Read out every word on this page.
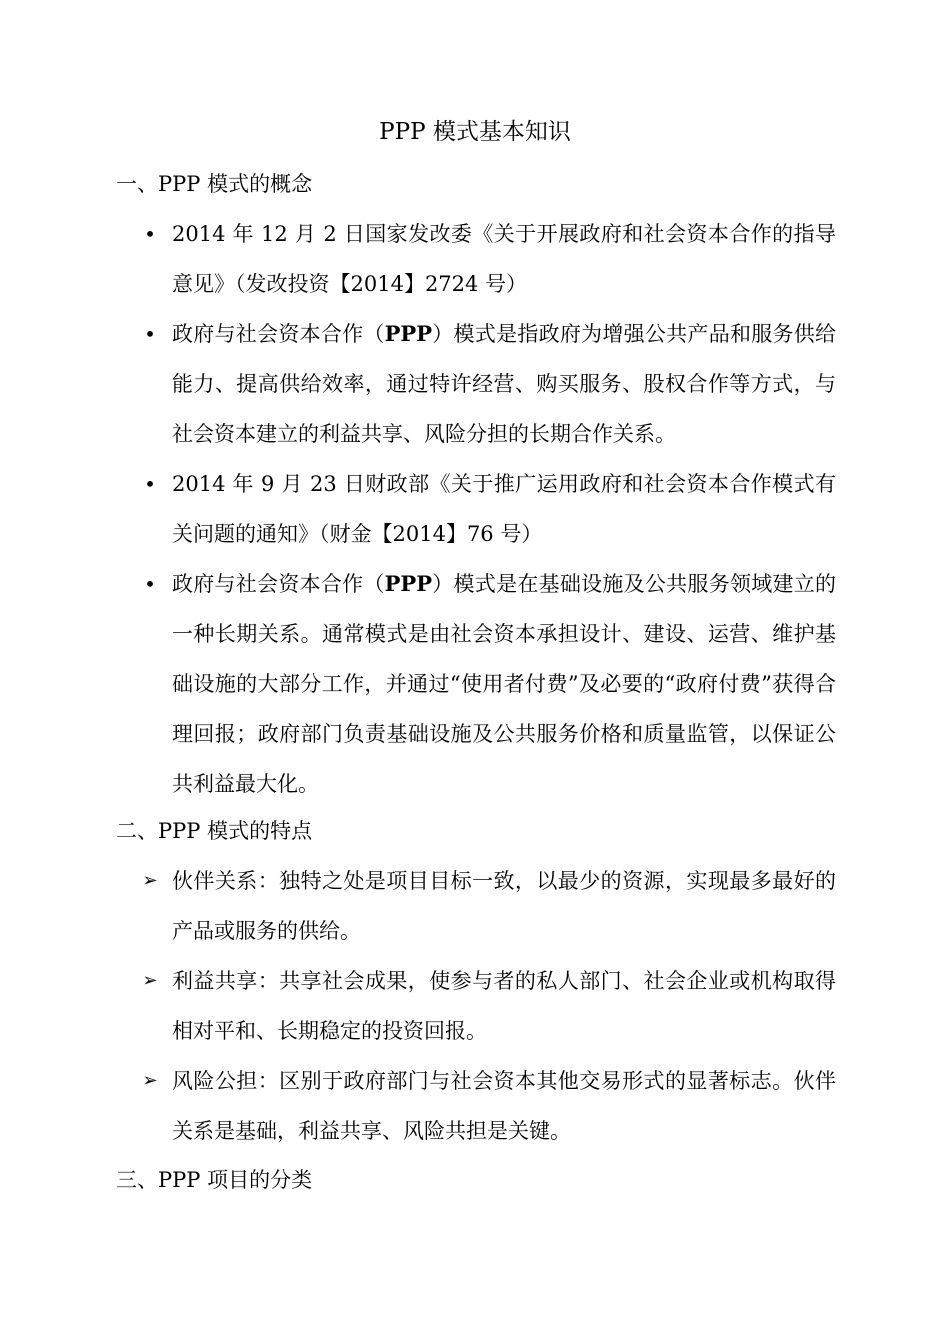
PPP 模式基本知识
一、PPP 模式的概念
• 2014 年 12 月 2 日国家发改委《关于开展政府和社会资本合作的指导意见》（发改投资【2014】2724 号）
• 政府与社会资本合作（PPP）模式是指政府为增强公共产品和服务供给能力、提高供给效率，通过特许经营、购买服务、股权合作等方式，与社会资本建立的利益共享、风险分担的长期合作关系。
• 2014 年 9 月 23 日财政部《关于推广运用政府和社会资本合作模式有关问题的通知》（财金【2014】76 号）
• 政府与社会资本合作（PPP）模式是在基础设施及公共服务领域建立的一种长期关系。通常模式是由社会资本承担设计、建设、运营、维护基础设施的大部分工作，并通过“使用者付费”及必要的“政府付费”获得合理回报；政府部门负责基础设施及公共服务价格和质量监管，以保证公共利益最大化。
二、PPP 模式的特点
➢ 伙伴关系：独特之处是项目目标一致，以最少的资源，实现最多最好的产品或服务的供给。
➢ 利益共享：共享社会成果，使参与者的私人部门、社会企业或机构取得相对平和、长期稳定的投资回报。
➢ 风险公担：区别于政府部门与社会资本其他交易形式的显著标志。伙伴关系是基础，利益共享、风险共担是关键。
三、PPP 项目的分类
